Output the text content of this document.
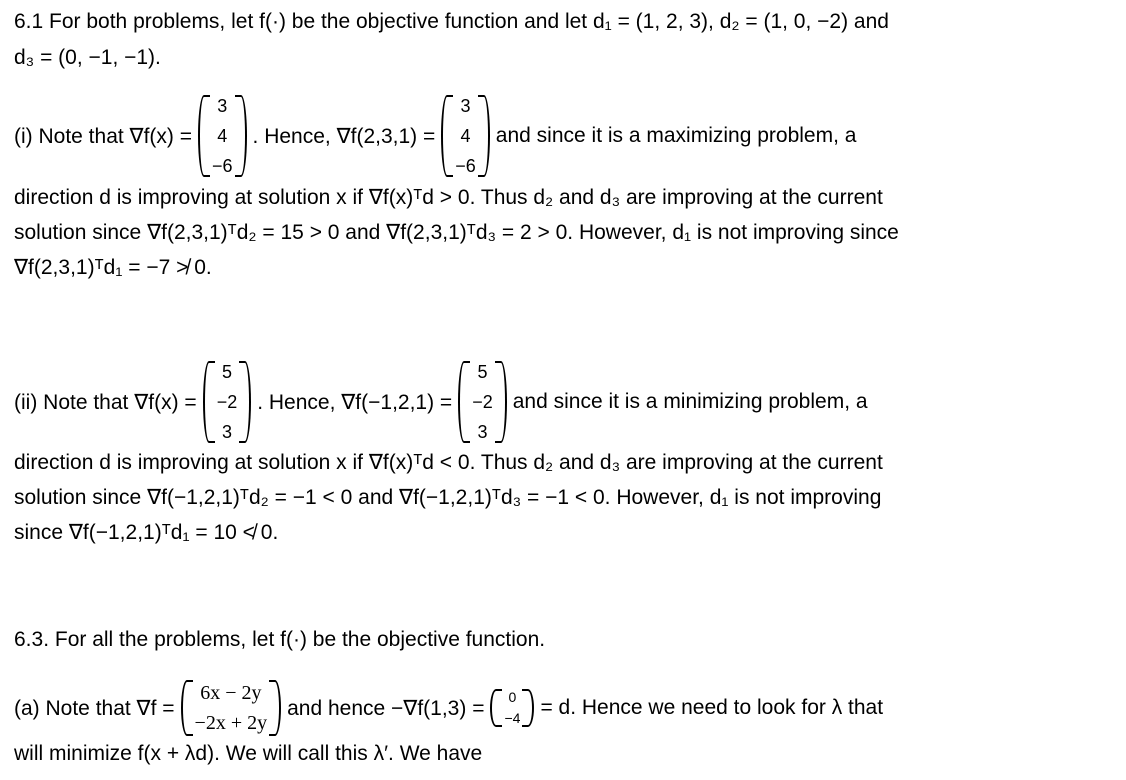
6.1 For both problems, let f(·) be the objective function and let d₁ = (1, 2, 3), d₂ = (1, 0, −2) and
d₃ = (0, −1, −1).
(i) Note that ∇f(x) =
3
4
−6
. Hence, ∇f(2,3,1) =
3
4
−6
and since it is a maximizing problem, a
direction d is improving at solution x if ∇f(x)ᵀd > 0. Thus d₂ and d₃ are improving at the current
solution since ∇f(2,3,1)ᵀd₂ = 15 > 0 and ∇f(2,3,1)ᵀd₃ = 2 > 0. However, d₁ is not improving since
∇f(2,3,1)ᵀd₁ = −7 ≯ 0.
(ii) Note that ∇f(x) =
5
−2
3
. Hence, ∇f(−1,2,1) =
5
−2
3
and since it is a minimizing problem, a
direction d is improving at solution x if ∇f(x)ᵀd < 0. Thus d₂ and d₃ are improving at the current
solution since ∇f(−1,2,1)ᵀd₂ = −1 < 0 and ∇f(−1,2,1)ᵀd₃ = −1 < 0. However, d₁ is not improving
since ∇f(−1,2,1)ᵀd₁ = 10 ≮ 0.
6.3. For all the problems, let f(·) be the objective function.
(a) Note that ∇f =
6x − 2y
−2x + 2y
and hence −∇f(1,3) = 0
−4 = d. Hence we need to look for λ that
will minimize f(x + λd). We will call this λ′. We have
